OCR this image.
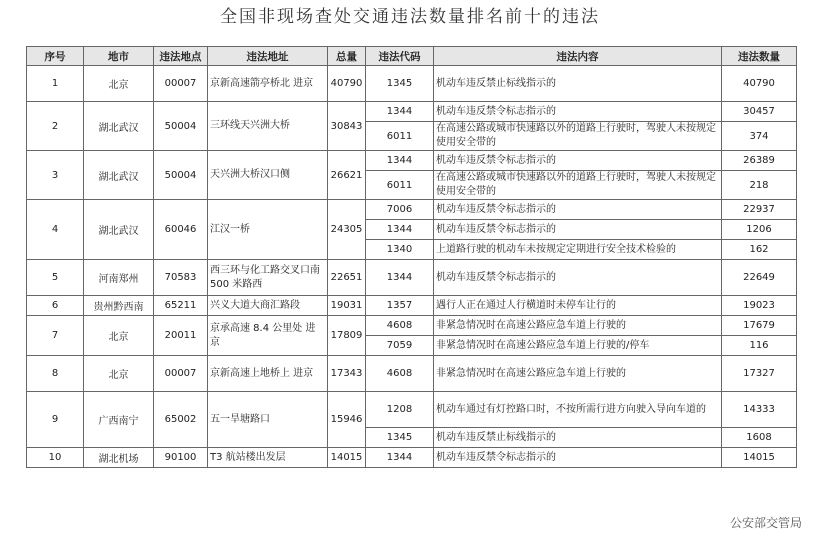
全国非现场查处交通违法数量排名前十的违法
序号	地市	违法地点	违法地址	总量	违法代码	违法内容	违法数量
1	北京	00007	京新高速箭亭桥北 进京	40790	1345	机动车违反禁止标线指示的	40790
2	湖北武汉	50004	三环线天兴洲大桥	30843	1344	机动车违反禁令标志指示的	30457
					6011	在高速公路或城市快速路以外的道路上行驶时，驾驶人未按规定使用安全带的	374
3	湖北武汉	50004	天兴洲大桥汉口侧	26621	1344	机动车违反禁令标志指示的	26389
					6011	在高速公路或城市快速路以外的道路上行驶时，驾驶人未按规定使用安全带的	218
4	湖北武汉	60046	江汉一桥	24305	7006	机动车违反禁令标志指示的	22937
					1344	机动车违反禁令标志指示的	1206
					1340	上道路行驶的机动车未按规定定期进行安全技术检验的	162
5	河南郑州	70583	西三环与化工路交叉口南 500 米路西	22651	1344	机动车违反禁令标志指示的	22649
6	贵州黔西南	65211	兴义大道大商汇路段	19031	1357	遇行人正在通过人行横道时未停车让行的	19023
7	北京	20011	京承高速 8.4 公里处 进京	17809	4608	非紧急情况时在高速公路应急车道上行驶的	17679
					7059	非紧急情况时在高速公路应急车道上行驶的/停车	116
8	北京	00007	京新高速上地桥上 进京	17343	4608	非紧急情况时在高速公路应急车道上行驶的	17327
9	广西南宁	65002	五一旱塘路口	15946	1208	机动车通过有灯控路口时，不按所需行进方向驶入导向车道的	14333
					1345	机动车违反禁止标线指示的	1608
10	湖北机场	90100	T3 航站楼出发层	14015	1344	机动车违反禁令标志指示的	14015
公安部交管局
